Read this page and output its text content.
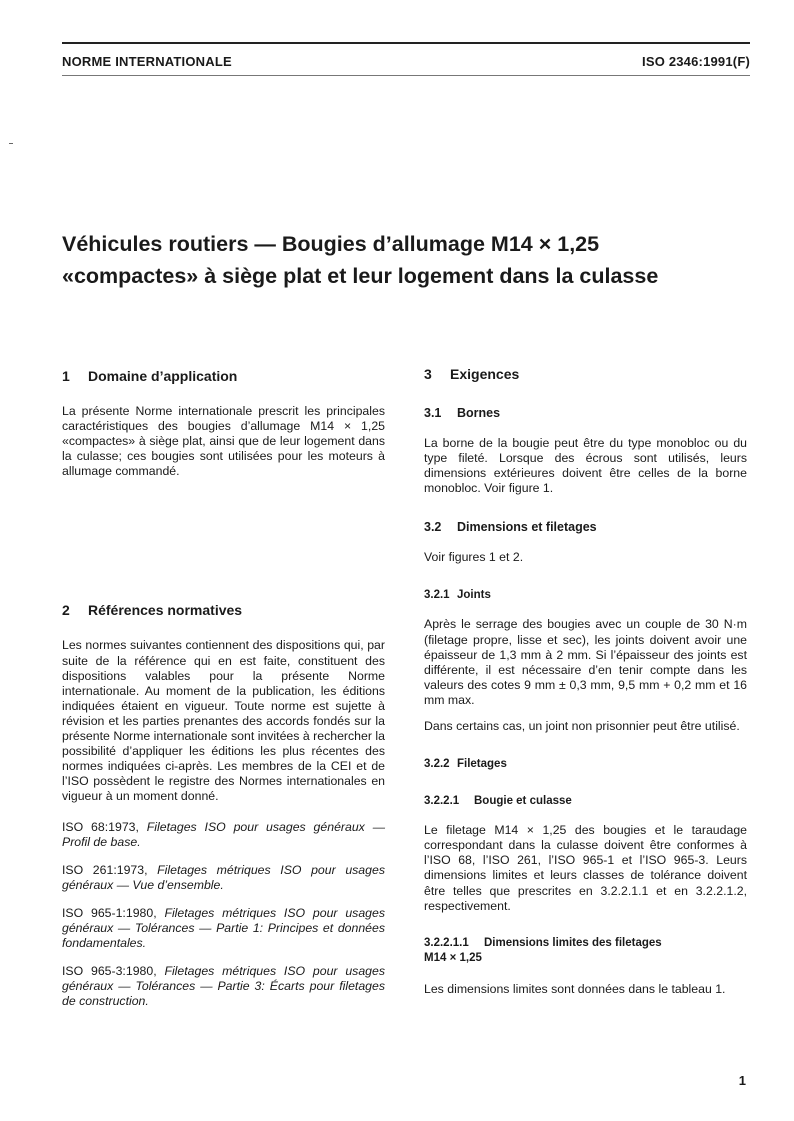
NORME INTERNATIONALE	ISO 2346:1991(F)
Véhicules routiers — Bougies d’allumage M14 × 1,25
«compactes» à siège plat et leur logement dans la culasse
1	Domaine d’application

La présente Norme internationale prescrit les principales caractéristiques des bougies d’allumage M14 × 1,25 «compactes» à siège plat, ainsi que de leur logement dans la culasse; ces bougies sont utilisées pour les moteurs à allumage commandé.

2	Références normatives

Les normes suivantes contiennent des dispositions qui, par suite de la référence qui en est faite, constituent des dispositions valables pour la présente Norme internationale. Au moment de la publication, les éditions indiquées étaient en vigueur. Toute norme est sujette à révision et les parties prenantes des accords fondés sur la présente Norme internationale sont invitées à rechercher la possibilité d’appliquer les éditions les plus récentes des normes indiquées ci-après. Les membres de la CEI et de l’ISO possèdent le registre des Normes internationales en vigueur à un moment donné.

ISO 68:1973, Filetages ISO pour usages généraux — Profil de base.

ISO 261:1973, Filetages métriques ISO pour usages généraux — Vue d’ensemble.

ISO 965-1:1980, Filetages métriques ISO pour usages généraux — Tolérances — Partie 1: Principes et données fondamentales.

ISO 965-3:1980, Filetages métriques ISO pour usages généraux — Tolérances — Partie 3: Écarts pour filetages de construction.

3	Exigences
3.1	Bornes

La borne de la bougie peut être du type monobloc ou du type fileté. Lorsque des écrous sont utilisés, leurs dimensions extérieures doivent être celles de la borne monobloc. Voir figure 1.

3.2	Dimensions et filetages

Voir figures 1 et 2.

3.2.1 Joints

Après le serrage des bougies avec un couple de 30 N·m (filetage propre, lisse et sec), les joints doivent avoir une épaisseur de 1,3 mm à 2 mm. Si l’épaisseur des joints est différente, il est nécessaire d’en tenir compte dans les valeurs des cotes 9 mm ± 0,3 mm, 9,5 mm + 0,2 mm et 16 mm max.

Dans certains cas, un joint non prisonnier peut être utilisé.

3.2.2 Filetages
3.2.2.1	Bougie et culasse

Le filetage M14 × 1,25 des bougies et le taraudage correspondant dans la culasse doivent être conformes à l’ISO 68, l’ISO 261, l’ISO 965-1 et l’ISO 965-3. Leurs dimensions limites et leurs classes de tolérance doivent être telles que prescrites en 3.2.2.1.1 et en 3.2.2.1.2, respectivement.

3.2.2.1.1 Dimensions limites des filetages
M14 × 1,25

Les dimensions limites sont données dans le tableau 1.

1
